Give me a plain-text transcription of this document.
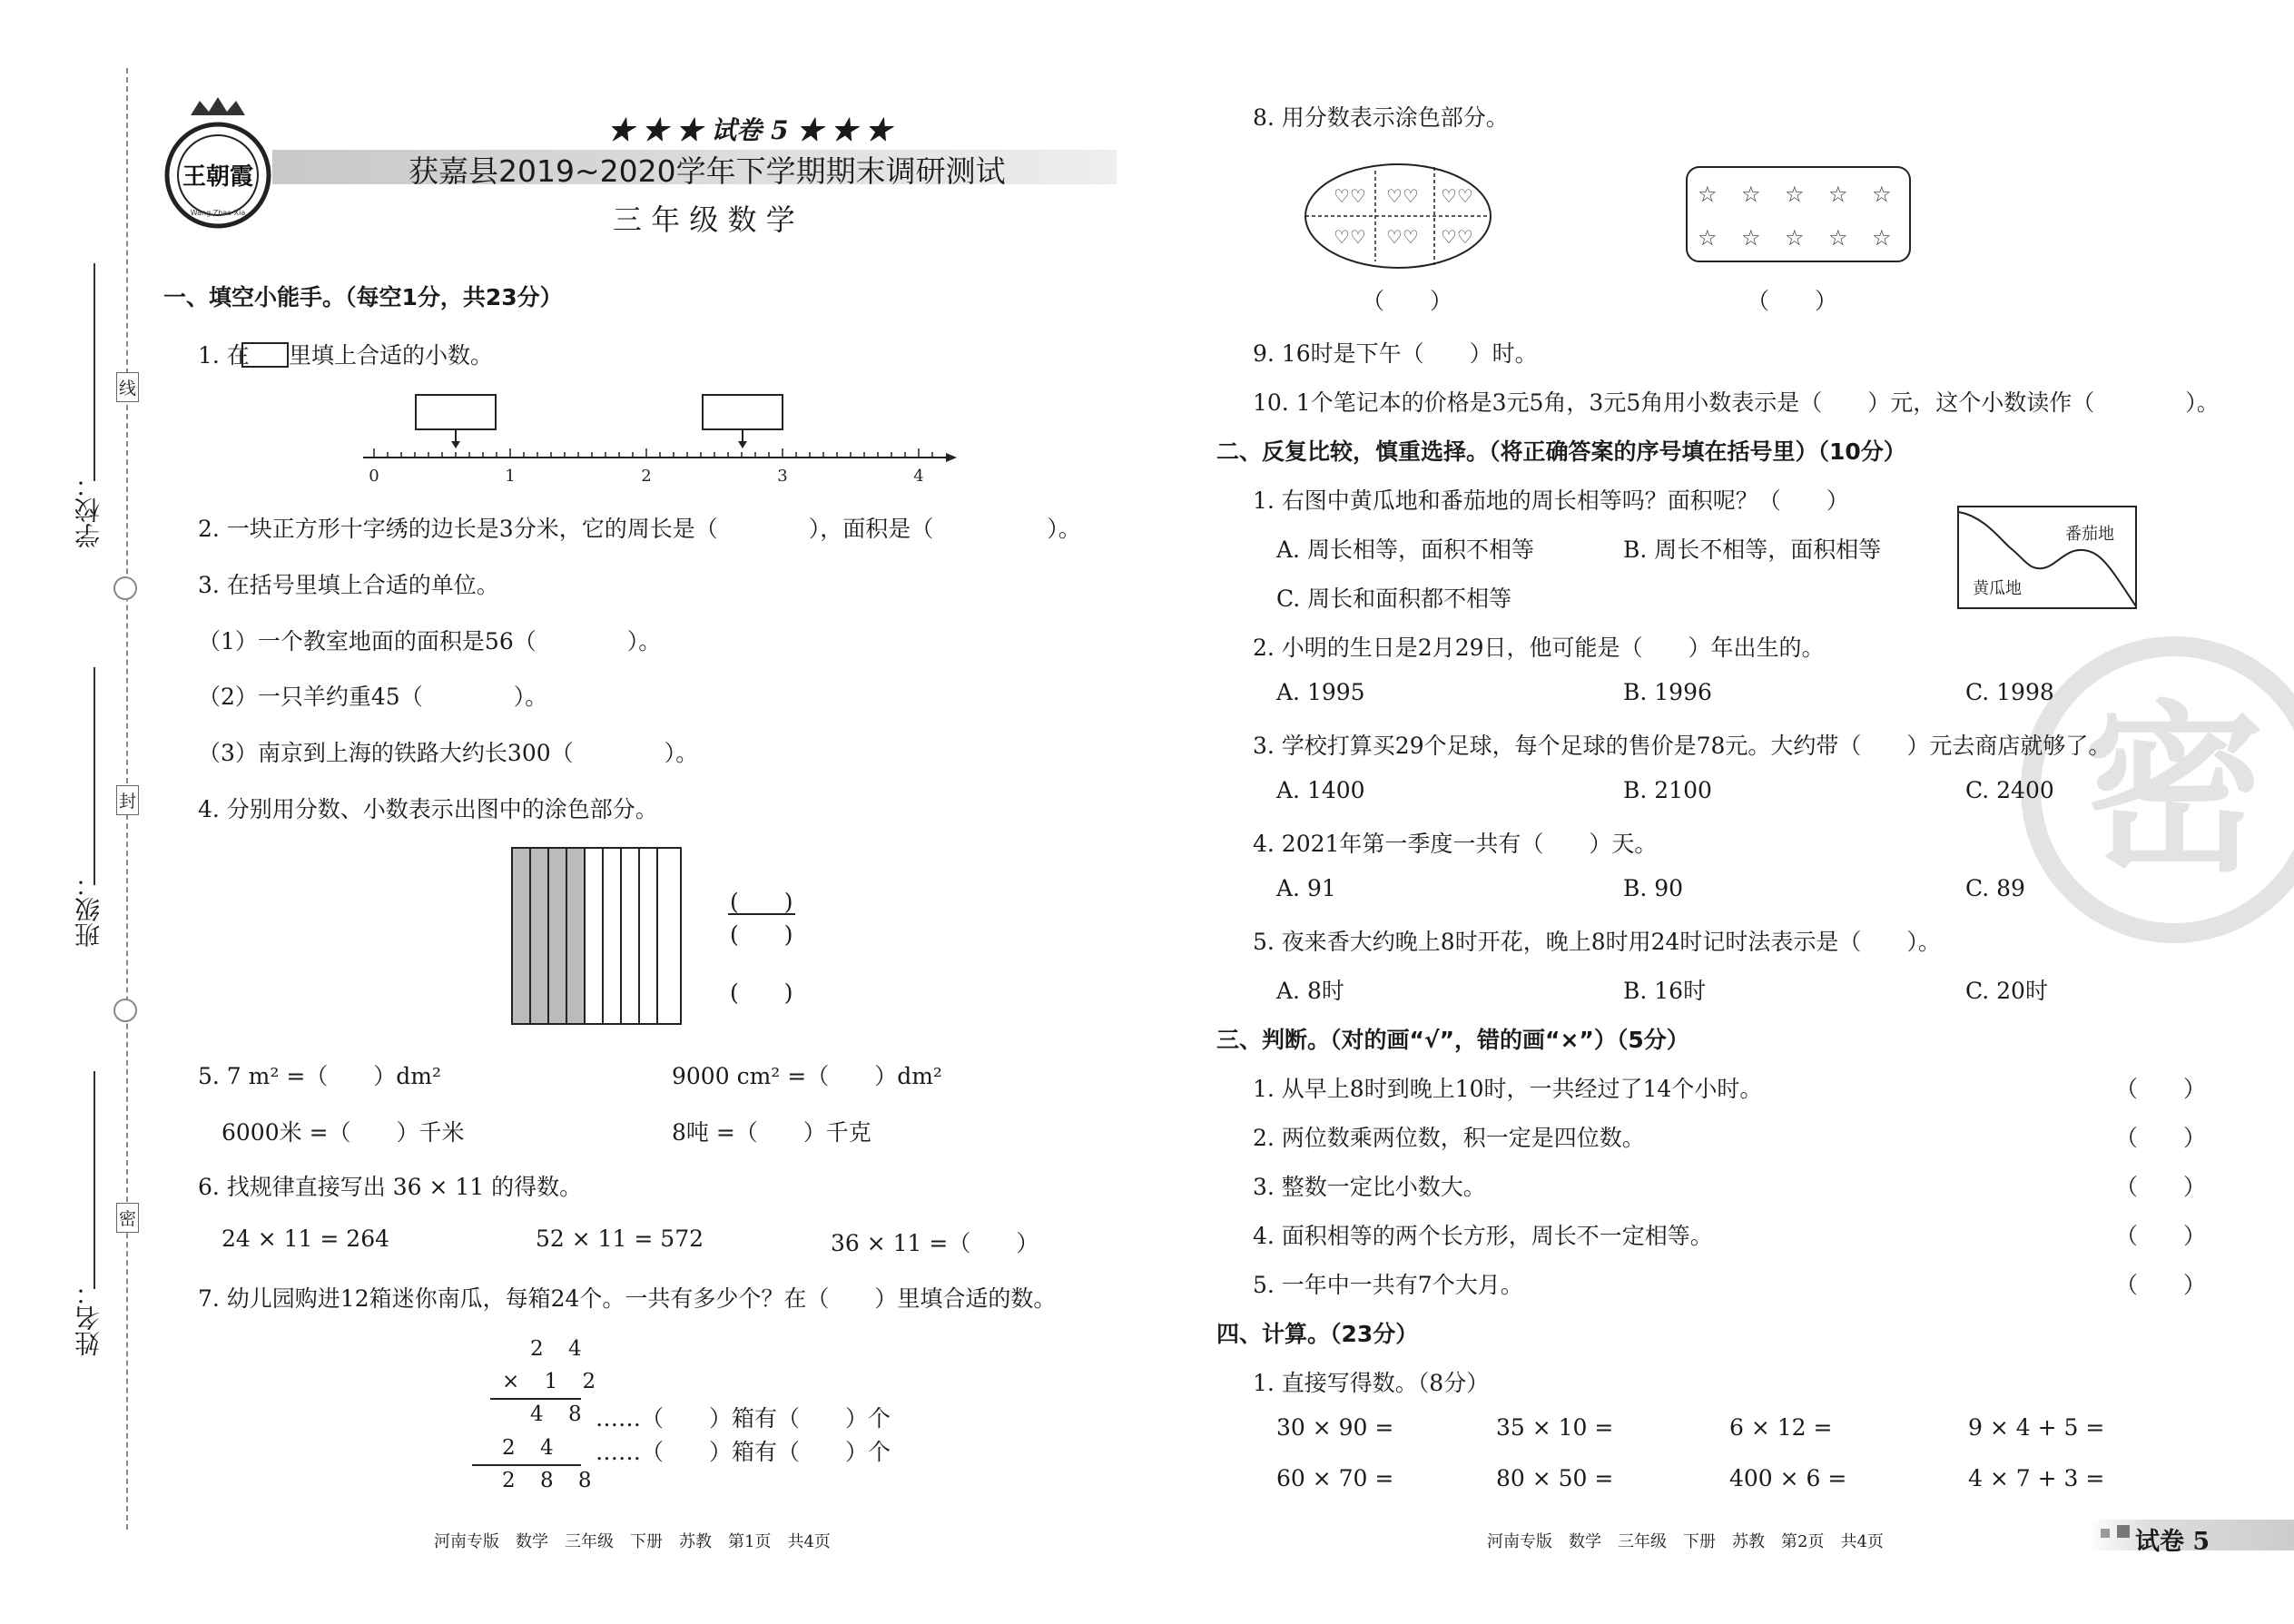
学校：
班级：
姓名：
线
封
密
王朝霞
Wang Zhao Xia
★ ★ ★ 试卷 5 ★ ★ ★
获嘉县2019~2020学年下学期期末调研测试
三 年 级 数 学
一、填空小能手。（每空1分，共23分）
1. 在 里填上合适的小数。
0	1	2	3	4
2. 一块正方形十字绣的边长是3分米，它的周长是（　　　　），面积是（　　　　　）。
3. 在括号里填上合适的单位。
（1）一个教室地面的面积是56（　　　　）。
（2）一只羊约重45（　　　　）。
（3）南京到上海的铁路大约长300（　　　　）。
4. 分别用分数、小数表示出图中的涂色部分。
(　　)
(　　)
(　　)
5. 7 m² =（　　）dm²	9000 cm² =（　　）dm²
6000米 =（　　）千米	8吨 =（　　）千克
6. 找规律直接写出 36 × 11 的得数。
24 × 11 = 264	52 × 11 = 572	36 × 11 =（　　）
7. 幼儿园购进12箱迷你南瓜，每箱24个。一共有多少个？在（　　）里填合适的数。
2 4
× 1 2
4 8
2 4
2 8 8
……（　　）箱有（　　）个
……（　　）箱有（　　）个
河南专版　数学　三年级　下册　苏教　第1页　共4页
密
8. 用分数表示涂色部分。
♡♡ ♡♡ ♡♡
♡♡ ♡♡ ♡♡
（　　）
☆ ☆ ☆ ☆ ☆
☆ ☆ ☆ ☆ ☆
（　　）
9. 16时是下午（　　）时。
10. 1个笔记本的价格是3元5角，3元5角用小数表示是（　　）元，这个小数读作（　　　　）。
二、反复比较，慎重选择。（将正确答案的序号填在括号里）（10分）
1. 右图中黄瓜地和番茄地的周长相等吗？面积呢？（　　）
A. 周长相等，面积不相等	B. 周长不相等，面积相等
C. 周长和面积都不相等
番茄地
黄瓜地
2. 小明的生日是2月29日，他可能是（　　）年出生的。
A. 1995	B. 1996	C. 1998
3. 学校打算买29个足球，每个足球的售价是78元。大约带（　　）元去商店就够了。
A. 1400	B. 2100	C. 2400
4. 2021年第一季度一共有（　　）天。
A. 91	B. 90	C. 89
5. 夜来香大约晚上8时开花，晚上8时用24时记时法表示是（　　）。
A. 8时	B. 16时	C. 20时
三、判断。（对的画“√”，错的画“×”）（5分）
1. 从早上8时到晚上10时，一共经过了14个小时。	（　　）
2. 两位数乘两位数，积一定是四位数。	（　　）
3. 整数一定比小数大。	（　　）
4. 面积相等的两个长方形，周长不一定相等。	（　　）
5. 一年中一共有7个大月。	（　　）
四、计算。（23分）
1. 直接写得数。（8分）
30 × 90 =	35 × 10 =	6 × 12 =	9 × 4 + 5 =
60 × 70 =	80 × 50 =	400 × 6 =	4 × 7 + 3 =
河南专版　数学　三年级　下册　苏教　第2页　共4页	试卷 5
